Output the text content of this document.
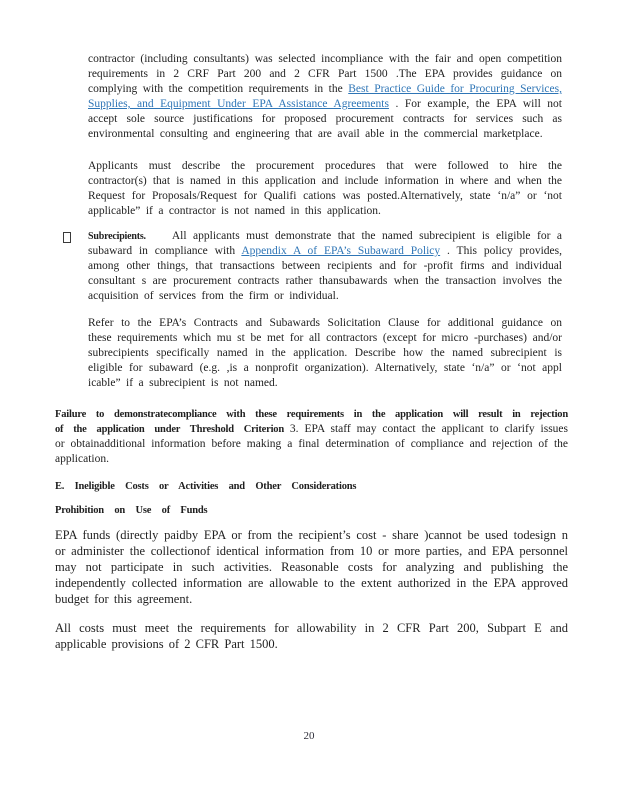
contractor (including consultants) was selected incompliance with the fair and open competition requirements in 2 CRF Part 200 and 2 CFR Part 1500 .The EPA provides guidance on complying with the competition requirements in the Best Practice Guide for Procuring Services, Supplies, and Equipment Under EPA Assistance Agreements . For example, the EPA will not accept sole source justifications for proposed procurement contracts for services such as environmental consulting and engineering that are avail able in the commercial marketplace.

Applicants must describe the procurement procedures that were followed to hire the contractor(s) that is named in this application and include information in where and when the Request for Proposals/Request for Qualifi cations was posted.Alternatively, state ‘n/a” or ‘not applicable” if a contractor is not named in this application.

Subrecipients. All applicants must demonstrate that the named subrecipient is eligible for a subaward in compliance with Appendix A of EPA’s Subaward Policy . This policy provides, among other things, that transactions between recipients and for -profit firms and individual consultant s are procurement contracts rather thansubawards when the transaction involves the acquisition of services from the firm or individual.

Refer to the EPA’s Contracts and Subawards Solicitation Clause for additional guidance on these requirements which mu st be met for all contractors (except for micro -purchases) and/or subrecipients specifically named in the application. Describe how the named subrecipient is eligible for subaward (e.g. ,is a nonprofit organization). Alternatively, state ‘n/a” or ‘not appl icable” if a subrecipient is not named.

Failure to demonstratecompliance with these requirements in the application will result in rejection of the application under Threshold Criterion 3. EPA staff may contact the applicant to clarify issues or obtainadditional information before making a final determination of compliance and rejection of the application.

E. Ineligible Costs or Activities and Other Considerations
Prohibition on Use of Funds

EPA funds (directly paidby EPA or from the recipient’s cost - share )cannot be used todesign n or administer the collectionof identical information from 10 or more parties, and EPA personnel may not participate in such activities. Reasonable costs for analyzing and publishing the independently collected information are allowable to the extent authorized in the EPA approved budget for this agreement.

All costs must meet the requirements for allowability in 2 CFR Part 200, Subpart E and applicable provisions of 2 CFR Part 1500.

20
